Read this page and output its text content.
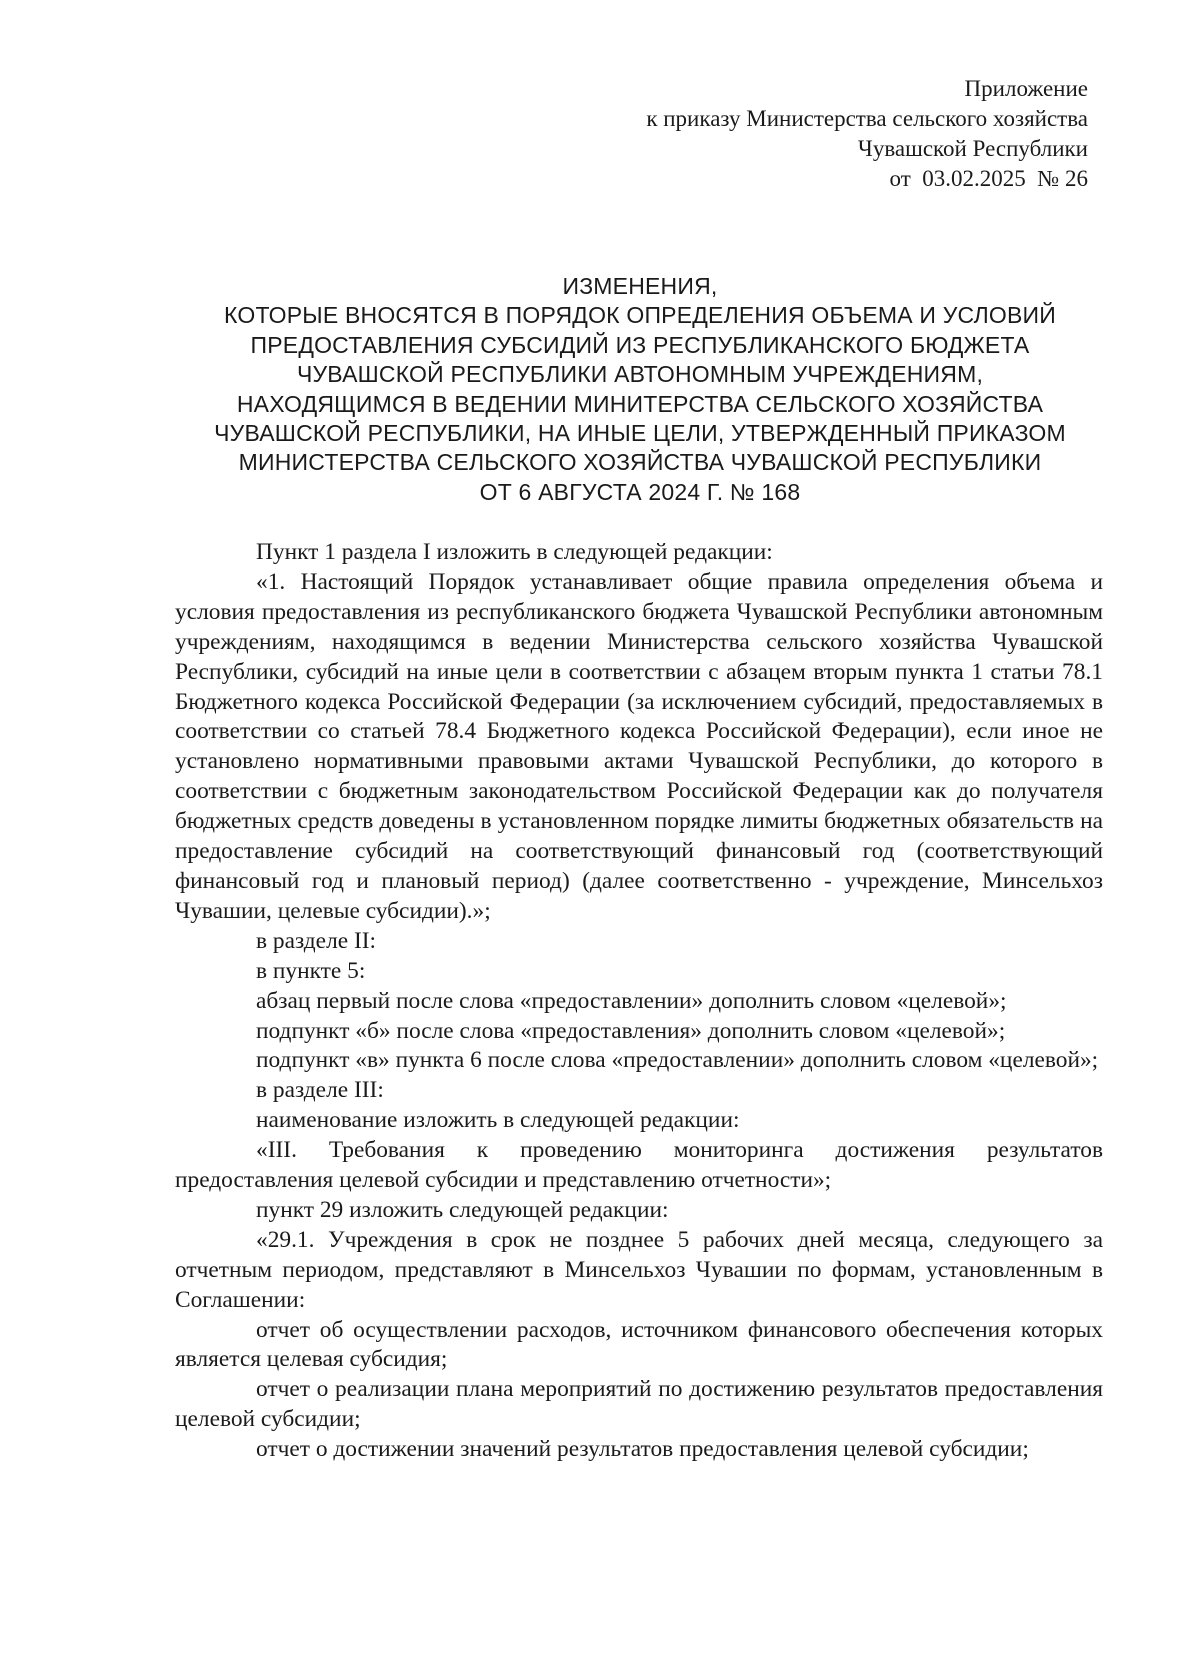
Приложение
к приказу Министерства сельского хозяйства
Чувашской Республики
от  03.02.2025  № 26
ИЗМЕНЕНИЯ,
КОТОРЫЕ ВНОСЯТСЯ В ПОРЯДОК ОПРЕДЕЛЕНИЯ ОБЪЕМА И УСЛОВИЙ
ПРЕДОСТАВЛЕНИЯ СУБСИДИЙ ИЗ РЕСПУБЛИКАНСКОГО БЮДЖЕТА
ЧУВАШСКОЙ РЕСПУБЛИКИ АВТОНОМНЫМ УЧРЕЖДЕНИЯМ,
НАХОДЯЩИМСЯ В ВЕДЕНИИ МИНИТЕРСТВА СЕЛЬСКОГО ХОЗЯЙСТВА
ЧУВАШСКОЙ РЕСПУБЛИКИ, НА ИНЫЕ ЦЕЛИ, УТВЕРЖДЕННЫЙ ПРИКАЗОМ
МИНИСТЕРСТВА СЕЛЬСКОГО ХОЗЯЙСТВА ЧУВАШСКОЙ РЕСПУБЛИКИ
ОТ 6 АВГУСТА 2024 Г. № 168

Пункт 1 раздела I изложить в следующей редакции:

«1. Настоящий Порядок устанавливает общие правила определения объема и условия предоставления из республиканского бюджета Чувашской Республики автономным учреждениям, находящимся в ведении Министерства сельского хозяйства Чувашской Республики, субсидий на иные цели в соответствии с абзацем вторым пункта 1 статьи 78.1 Бюджетного кодекса Российской Федерации (за исключением субсидий, предоставляемых в соответствии со статьей 78.4 Бюджетного кодекса Российской Федерации), если иное не установлено нормативными правовыми актами Чувашской Республики, до которого в соответствии с бюджетным законодательством Российской Федерации как до получателя бюджетных средств доведены в установленном порядке лимиты бюджетных обязательств на предоставление субсидий на соответствующий финансовый год (соответствующий финансовый год и плановый период) (далее соответственно - учреждение, Минсельхоз Чувашии, целевые субсидии).»;

в разделе II:

в пункте 5:

абзац первый после слова «предоставлении» дополнить словом «целевой»;

подпункт «б» после слова «предоставления» дополнить словом «целевой»;

подпункт «в» пункта 6 после слова «предоставлении» дополнить словом «целевой»;

в разделе III:

наименование изложить в следующей редакции:

«III. Требования к проведению мониторинга достижения результатов предоставления целевой субсидии и представлению отчетности»;

пункт 29 изложить следующей редакции:

«29.1. Учреждения в срок не позднее 5 рабочих дней месяца, следующего за отчетным периодом, представляют в Минсельхоз Чувашии по формам, установленным в Соглашении:

отчет об осуществлении расходов, источником финансового обеспечения которых является целевая субсидия;

отчет о реализации плана мероприятий по достижению результатов предоставления целевой субсидии;

отчет о достижении значений результатов предоставления целевой субсидии;
